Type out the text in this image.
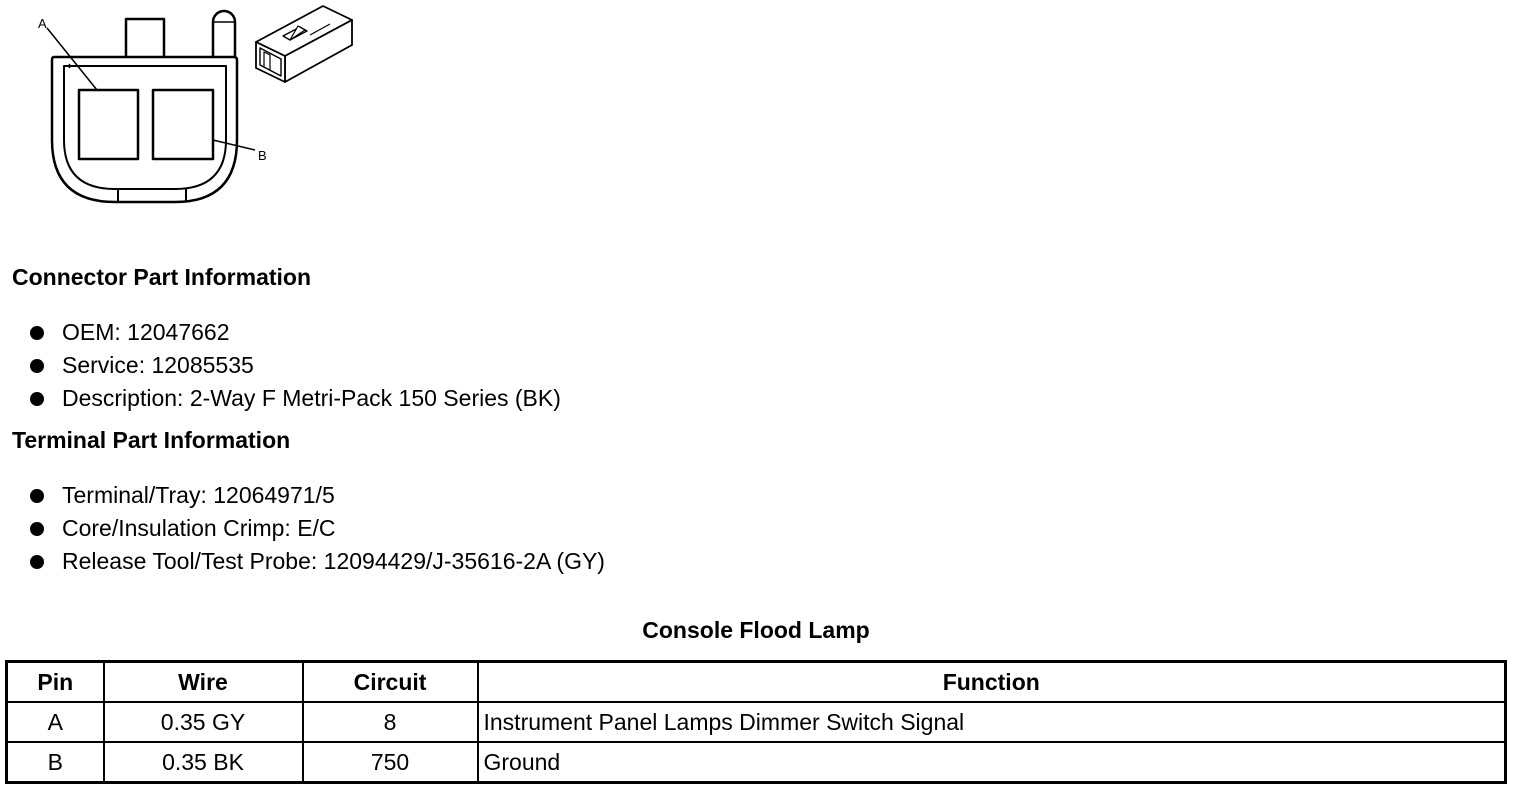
A
B
Connector Part Information
OEM: 12047662
Service: 12085535
Description: 2-Way F Metri-Pack 150 Series (BK)
Terminal Part Information
Terminal/Tray: 12064971/5
Core/Insulation Crimp: E/C
Release Tool/Test Probe: 12094429/J-35616-2A (GY)
Console Flood Lamp
Pin	Wire	Circuit	Function
A	0.35 GY	8	Instrument Panel Lamps Dimmer Switch Signal
B	0.35 BK	750	Ground
